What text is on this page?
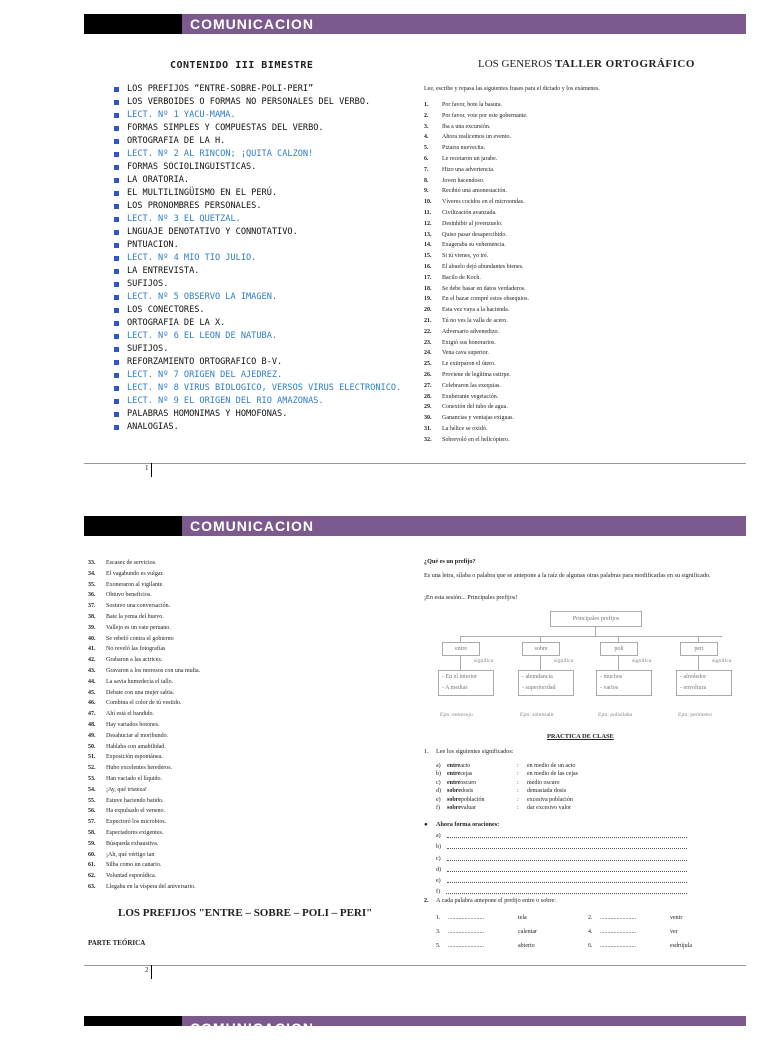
COMUNICACION
CONTENIDO III BIMESTRE
LOS PREFIJOS “ENTRE-SOBRE-POLI-PERI”
LOS VERBOIDES O FORMAS NO PERSONALES DEL VERBO.
LECT. Nº 1 YACU-MAMA.
FORMAS SIMPLES Y COMPUESTAS DEL VERBO.
ORTOGRAFIA DE LA H.
LECT. Nº 2 AL RINCON; ¡QUITA CALZON!
FORMAS SOCIOLINGUISTICAS.
LA ORATORIA.
EL MULTILINGÜISMO EN EL PERÚ.
LOS PRONOMBRES PERSONALES.
LECT. Nº 3 EL QUETZAL.
LNGUAJE DENOTATIVO Y CONNOTATIVO.
PNTUACION.
LECT. Nº 4 MIO TIO JULIO.
LA ENTREVISTA.
SUFIJOS.
LECT. Nº 5 OBSERVO LA IMAGEN.
LOS CONECTORES.
ORTOGRAFIA DE LA X.
LECT. Nº 6 EL LEON DE NATUBA.
SUFIJOS.
REFORZAMIENTO ORTOGRAFICO B-V.
LECT. Nº 7 ORIGEN DEL AJEDREZ.
LECT. Nº 8 VIRUS BIOLOGICO, VERSOS VIRUS ELECTRONICO.
LECT. Nº 9 EL ORIGEN DEL RIO AMAZONAS.
PALABRAS HOMONIMAS Y HOMOFONAS.
ANALOGIAS.
LOS GENEROS TALLER ORTOGRÁFICO
Lee, escribe y repasa las siguientes frases para el dictado y los exámenes.
1.	Por favor, bote la basura.
2.	Por favor, vote por este gobernante.
3.	Iba a una excursión.
4.	Ahora realicemos un evento.
5.	Pizarra nuevecita.
6.	Le recetaron un jarabe.
7.	Hizo una advertencia.
8.	Joven hacendoso.
9.	Recibió una amonestación.
10.	Víveres cocidos en el microondas.
11.	Civilización avanzada.
12.	Desinhibir al jovenzuelo.
13.	Quiso pasar desapercibido.
14.	Exageraba su vehemencia.
15.	Si tú vienes, yo iré.
16.	El abuelo dejó abundantes bienes.
17.	Bacilo de Koch.
18.	Se debe basar en datos verdaderos.
19.	En el bazar compré estos obsequios.
20.	Esta vez vaya a la hacienda.
21.	Tú no ves la valla de acero.
22.	Adversario advenedizo.
23.	Exigió sus honorarios.
24.	Vena cava superior.
25.	Le extirparon el útero.
26.	Proviene de legítima estirpe.
27.	Celebraron las exequias.
28.	Exuberante vegetación.
29.	Conexión del tubo de agua.
30.	Ganancias y ventajas exiguas.
31.	La hélice se oxidó.
32.	Sobrevoló en el helicóptero.
1
COMUNICACION
33.	Escasez de servicios.
34.	El vagabundo es vulgar.
35.	Exoneraron al vigilante.
36.	Obtuvo beneficios.
37.	Sostuvo una conversación.
38.	Bate la yema del huevo.
39.	Vallejo es un vate peruano.
40.	Se rebeló contra el gobierno
41.	No reveló las fotografías
42.	Grabaron a las actrices.
43.	Gravaron a los morosos con una multa.
44.	La savia humedecía el tallo.
45.	Debate con una mujer sabia.
46.	Combina el color de tú vestido.
47.	Ahí está el bandido.
48.	Hay variados botones.
49.	Desahuciar al moribundo.
50.	Hablaba con amabilidad.
51.	Exposición espontánea.
52.	Hubo excelentes herederos.
53.	Han vaciado el líquido.
54.	¡Ay, qué tristeza!
55.	Estuve haciendo batido.
56.	Ha expulsado el veneno.
57.	Expectoró los microbios.
58.	Espectadores exigentes.
59.	Búsqueda exhaustiva.
60.	¡Ah, qué vértigo tan
61.	Silba como un canario.
62.	Voluntad esporádica.
63.	Llegaba en la víspera del aniversario.
LOS PREFIJOS "ENTRE – SOBRE – POLI – PERI"
PARTE TEÓRICA
¿Qué es un prefijo?
Es una letra, sílaba o palabra que se antepone a la raíz de algunas otras palabras para modificarlas en su significado.
¡En esta sesión... Principales prefijos!
Principales prefijos
entre
significa
- En el interior
- A medias
Ejm: entrecejo
sobre
significa
- abundancia
- superioridad
Ejm: sobresalir
poli
significa
- muchos
- varios
Ejm: polisílaba
peri
significa
- alrededor
- envoltura
Ejm: perímetro
PRACTICA DE CLASE
1. Lee los siguientes significados:
a)	entreacto	:	en medio de un acto
b)	entrecejas	:	en medio de las cejas
c)	entreoscuro	:	medio oscuro
d)	sobredosis	:	demasiada dosis
e)	sobrepoblación	:	excesiva población
f)	sobrevaluar	:	dar excesivo valor
● Ahora forma oraciones:
a)
b)
c)
d)
e)
f)
2. A cada palabra antepone el prefijo entre o sobre:
1.	........................	tela	2.	........................	venir
3.	........................	calentar	4.	........................	ver
5.	........................	abierto	6.	........................	esdrújula
2
COMUNICACION
